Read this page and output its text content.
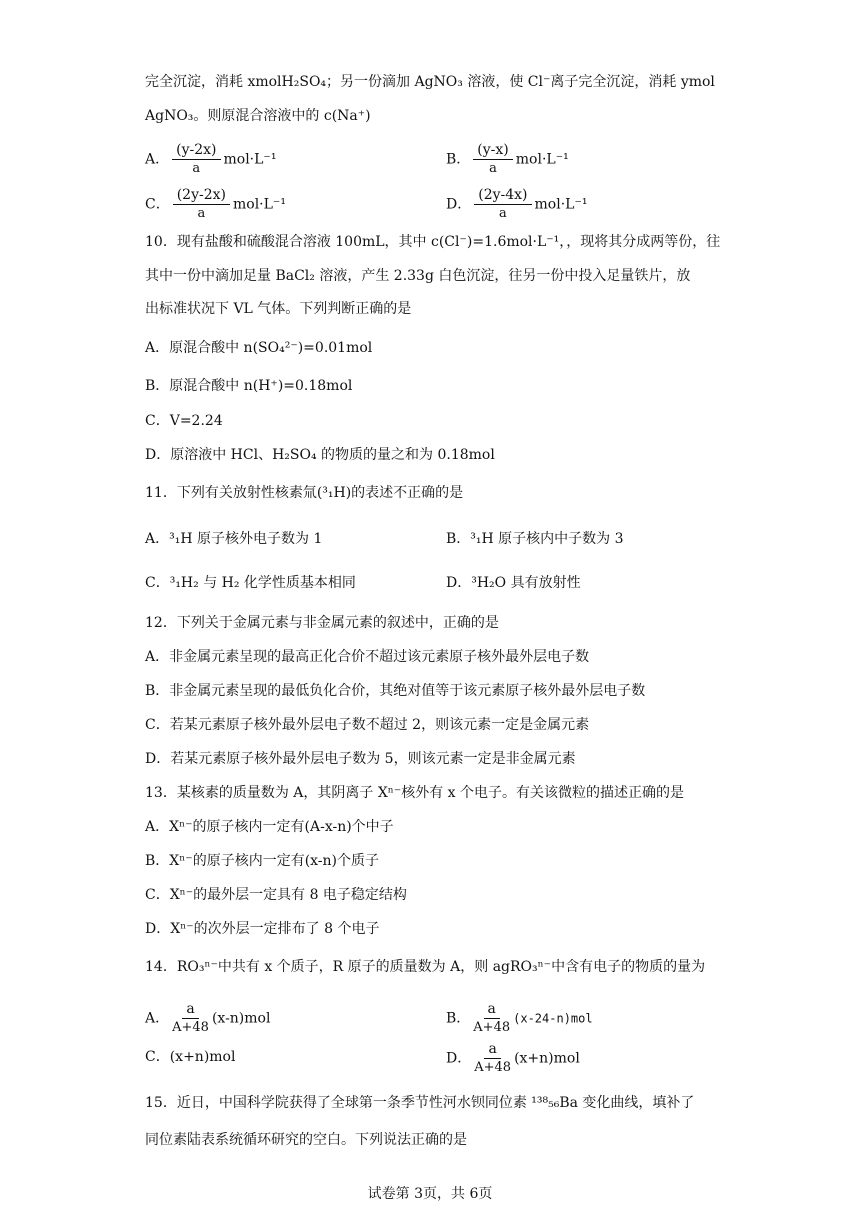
完全沉淀，消耗 xmolH₂SO₄；另一份滴加 AgNO₃ 溶液，使 Cl⁻离子完全沉淀，消耗 ymol
AgNO₃。则原混合溶液中的 c(Na⁺)
A． $\frac{(y-2x)}{a} mol\cdot L^{-1}$	B． $\frac{(y-x)}{a} mol\cdot L^{-1}$
C． $\frac{(2y-2x)}{a} mol\cdot L^{-1}$	D． $\frac{(2y-4x)}{a} mol\cdot L^{-1}$
10．现有盐酸和硫酸混合溶液 100mL，其中 c(Cl⁻)=1.6mol·L⁻¹，，现将其分成两等份，往
其中一份中滴加足量 BaCl₂ 溶液，产生 2.33g 白色沉淀，往另一份中投入足量铁片，放
出标准状况下 VL 气体。下列判断正确的是
A．原混合酸中 n(SO₄²⁻)=0.01mol
B．原混合酸中 n(H⁺)=0.18mol
C．V=2.24
D．原溶液中 HCl、H₂SO₄ 的物质的量之和为 0.18mol
11．下列有关放射性核素氚(³₁H)的表述不正确的是
A．³₁H 原子核外电子数为 1	B．³₁H 原子核内中子数为 3
C．³₁H₂ 与 H₂ 化学性质基本相同	D．³H₂O 具有放射性
12．下列关于金属元素与非金属元素的叙述中，正确的是
A．非金属元素呈现的最高正化合价不超过该元素原子核外最外层电子数
B．非金属元素呈现的最低负化合价，其绝对值等于该元素原子核外最外层电子数
C．若某元素原子核外最外层电子数不超过 2，则该元素一定是金属元素
D．若某元素原子核外最外层电子数为 5，则该元素一定是非金属元素
13．某核素的质量数为 A，其阴离子 Xⁿ⁻核外有 x 个电子。有关该微粒的描述正确的是
A．Xⁿ⁻的原子核内一定有(A-x-n)个中子
B．Xⁿ⁻的原子核内一定有(x-n)个质子
C．Xⁿ⁻的最外层一定具有 8 电子稳定结构
D．Xⁿ⁻的次外层一定排布了 8 个电子
14．RO₃ⁿ⁻中共有 x 个质子，R 原子的质量数为 A，则 agRO₃ⁿ⁻中含有电子的物质的量为
A． $\frac{a}{A+48} (x-n)mol$	B． $\frac{a}{A+48} (x-24-n)mol$
C．(x+n)mol	D． $\frac{a}{A+48} (x+n)mol$
15．近日，中国科学院获得了全球第一条季节性河水钡同位素 ¹³⁸₅₆Ba 变化曲线，填补了
同位素陆表系统循环研究的空白。下列说法正确的是
试卷第 3页，共 6页
